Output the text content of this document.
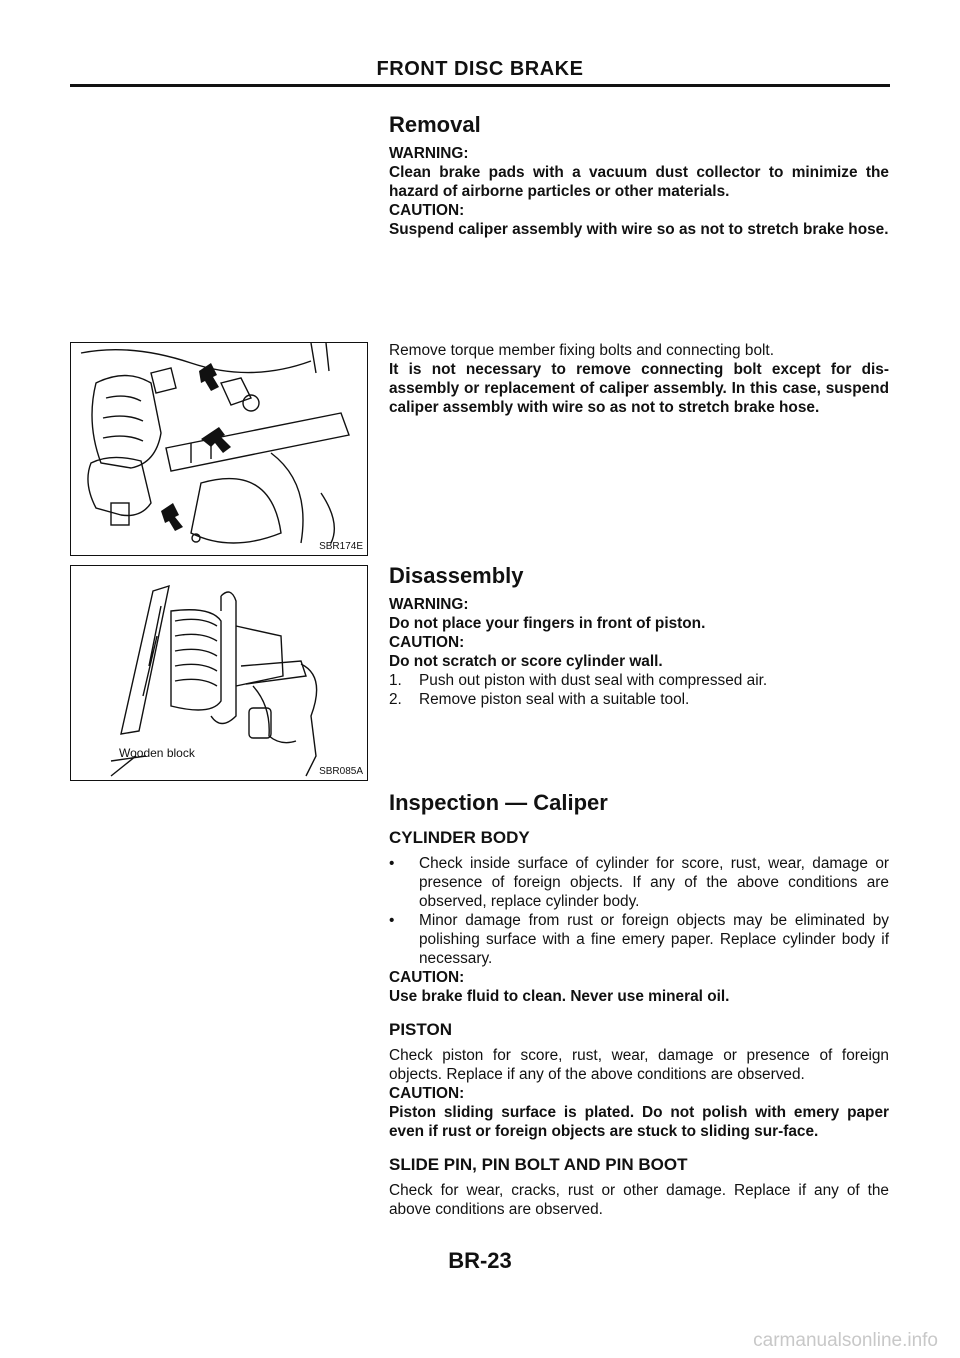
FRONT DISC BRAKE
Removal

WARNING:

Clean brake pads with a vacuum dust collector to minimize the hazard of airborne particles or other materials.

CAUTION:

Suspend caliper assembly with wire so as not to stretch brake hose.

Remove torque member fixing bolts and connecting bolt.

It is not necessary to remove connecting bolt except for dis-assembly or replacement of caliper assembly. In this case, suspend caliper assembly with wire so as not to stretch brake hose.

SBR174E
Disassembly

WARNING:

Do not place your fingers in front of piston.

CAUTION:

Do not scratch or score cylinder wall.

1. Push out piston with dust seal with compressed air.
2. Remove piston seal with a suitable tool.
Wooden block
SBR085A
Inspection — Caliper
CYLINDER BODY
• Check inside surface of cylinder for score, rust, wear, damage or presence of foreign objects. If any of the above conditions are observed, replace cylinder body.
• Minor damage from rust or foreign objects may be eliminated by polishing surface with a fine emery paper. Replace cylinder body if necessary.

CAUTION:

Use brake fluid to clean. Never use mineral oil.

PISTON

Check piston for score, rust, wear, damage or presence of foreign objects. Replace if any of the above conditions are observed.

CAUTION:

Piston sliding surface is plated. Do not polish with emery paper even if rust or foreign objects are stuck to sliding sur-face.

SLIDE PIN, PIN BOLT AND PIN BOOT

Check for wear, cracks, rust or other damage. Replace if any of the above conditions are observed.

BR-23
carmanualsonline.info
